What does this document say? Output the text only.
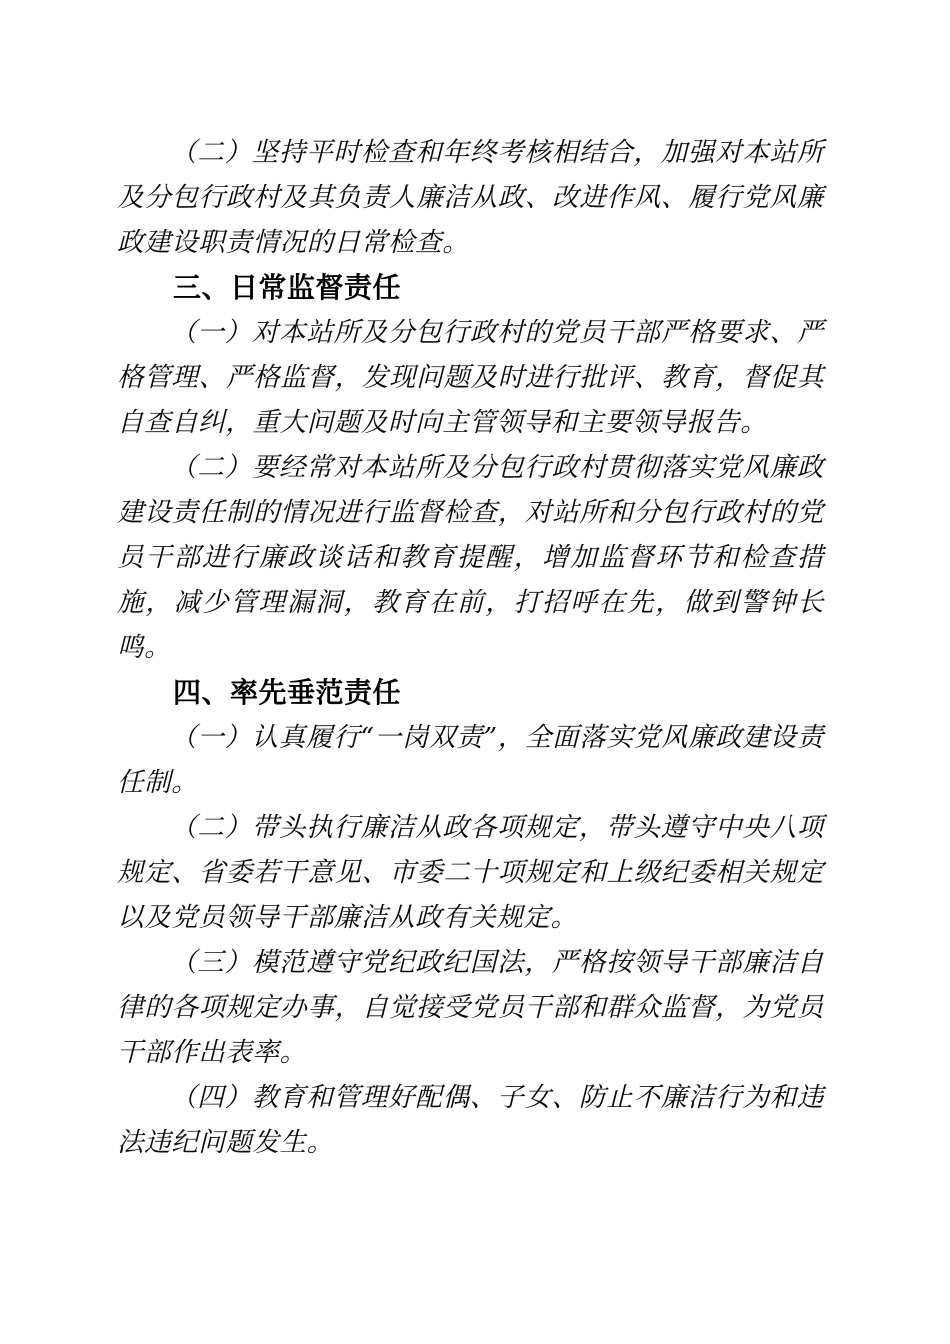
（二）坚持平时检查和年终考核相结合，加强对本站所及分包行政村及其负责人廉洁从政、改进作风、履行党风廉政建设职责情况的日常检查。

三、日常监督责任

（一）对本站所及分包行政村的党员干部严格要求、严格管理、严格监督，发现问题及时进行批评、教育，督促其自查自纠，重大问题及时向主管领导和主要领导报告。

（二）要经常对本站所及分包行政村贯彻落实党风廉政建设责任制的情况进行监督检查，对站所和分包行政村的党员干部进行廉政谈话和教育提醒，增加监督环节和检查措施，减少管理漏洞，教育在前，打招呼在先，做到警钟长鸣。

四、率先垂范责任

（一）认真履行“一岗双责”，全面落实党风廉政建设责任制。

（二）带头执行廉洁从政各项规定，带头遵守中央八项规定、省委若干意见、市委二十项规定和上级纪委相关规定以及党员领导干部廉洁从政有关规定。

（三）模范遵守党纪政纪国法，严格按领导干部廉洁自律的各项规定办事，自觉接受党员干部和群众监督，为党员干部作出表率。

（四）教育和管理好配偶、子女、防止不廉洁行为和违法违纪问题发生。
